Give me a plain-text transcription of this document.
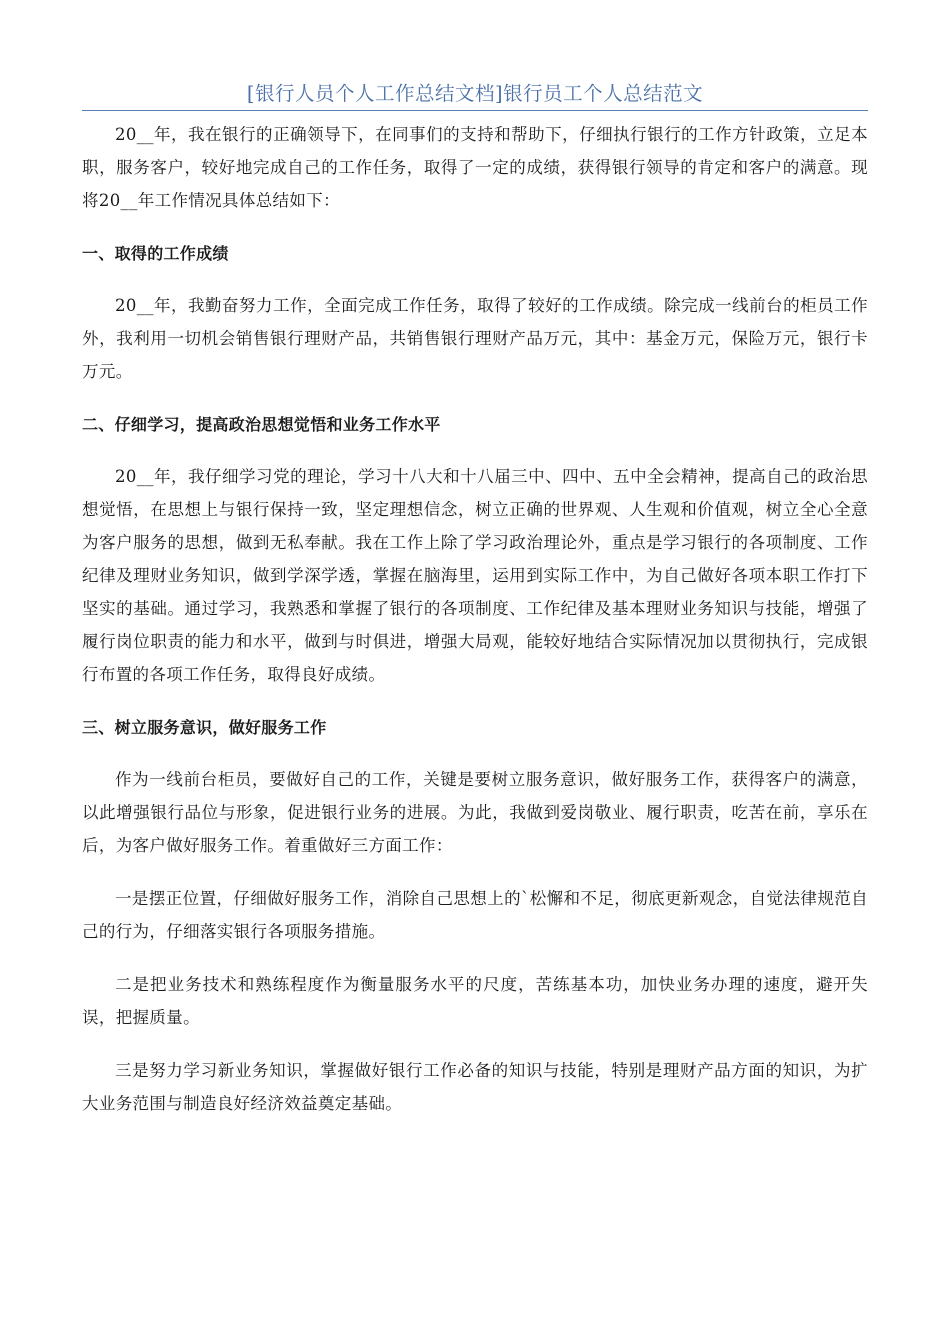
[银行人员个人工作总结文档]银行员工个人总结范文

20__年，我在银行的正确领导下，在同事们的支持和帮助下，仔细执行银行的工作方针政策，立足本职，服务客户，较好地完成自己的工作任务，取得了一定的成绩，获得银行领导的肯定和客户的满意。现将20__年工作情况具体总结如下：

一、取得的工作成绩

20__年，我勤奋努力工作，全面完成工作任务，取得了较好的工作成绩。除完成一线前台的柜员工作外，我利用一切机会销售银行理财产品，共销售银行理财产品万元，其中：基金万元，保险万元，银行卡万元。

二、仔细学习，提高政治思想觉悟和业务工作水平

20__年，我仔细学习党的理论，学习十八大和十八届三中、四中、五中全会精神，提高自己的政治思想觉悟，在思想上与银行保持一致，坚定理想信念，树立正确的世界观、人生观和价值观，树立全心全意为客户服务的思想，做到无私奉献。我在工作上除了学习政治理论外，重点是学习银行的各项制度、工作纪律及理财业务知识，做到学深学透，掌握在脑海里，运用到实际工作中，为自己做好各项本职工作打下坚实的基础。通过学习，我熟悉和掌握了银行的各项制度、工作纪律及基本理财业务知识与技能，增强了履行岗位职责的能力和水平，做到与时俱进，增强大局观，能较好地结合实际情况加以贯彻执行，完成银行布置的各项工作任务，取得良好成绩。

三、树立服务意识，做好服务工作

作为一线前台柜员，要做好自己的工作，关键是要树立服务意识，做好服务工作，获得客户的满意，以此增强银行品位与形象，促进银行业务的进展。为此，我做到爱岗敬业、履行职责，吃苦在前，享乐在后，为客户做好服务工作。着重做好三方面工作：

一是摆正位置，仔细做好服务工作，消除自己思想上的`松懈和不足，彻底更新观念，自觉法律规范自己的行为，仔细落实银行各项服务措施。

二是把业务技术和熟练程度作为衡量服务水平的尺度，苦练基本功，加快业务办理的速度，避开失误，把握质量。

三是努力学习新业务知识，掌握做好银行工作必备的知识与技能，特别是理财产品方面的知识，为扩大业务范围与制造良好经济效益奠定基础。
